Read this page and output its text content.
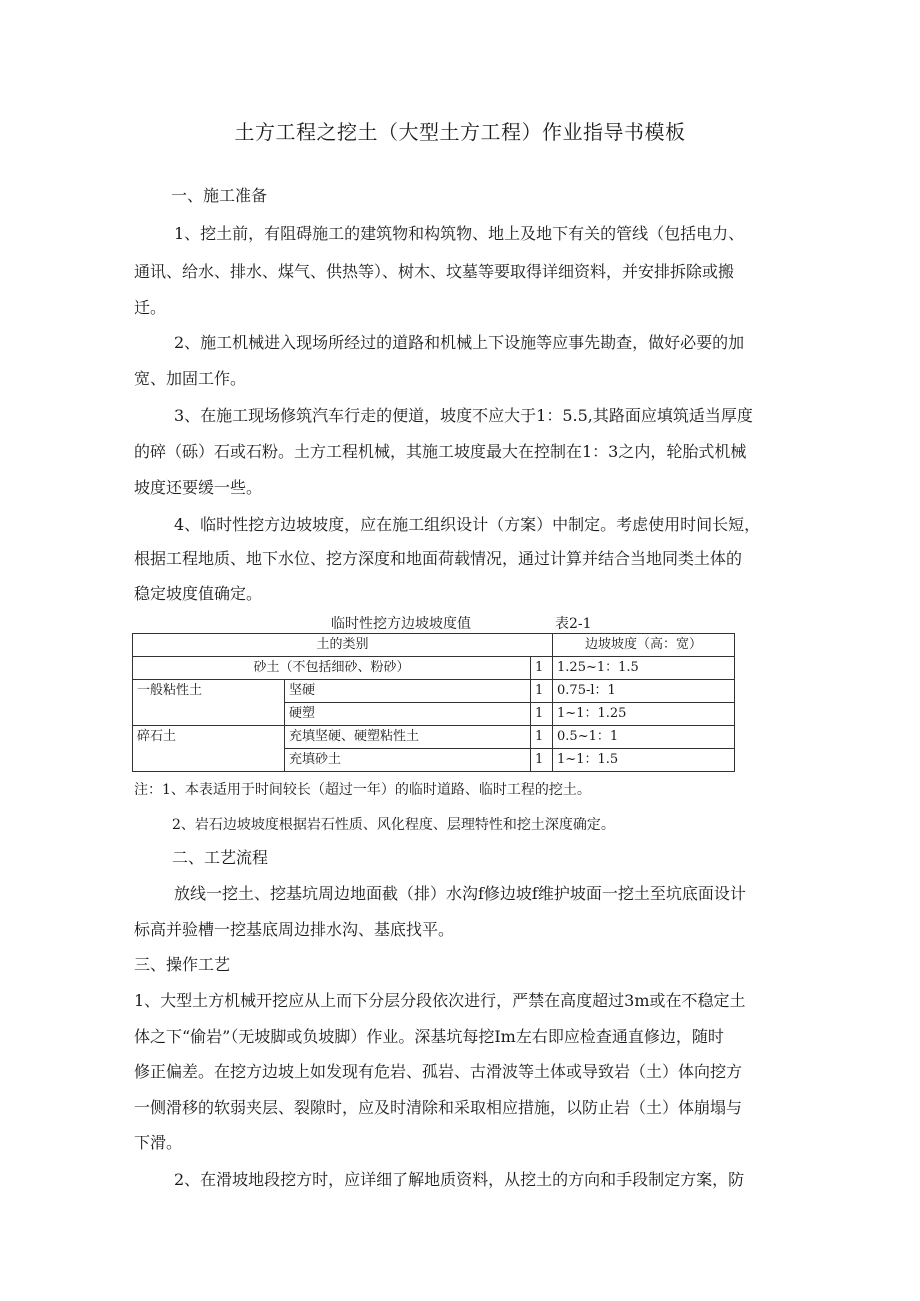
土方工程之挖土（大型土方工程）作业指导书模板
一、施工准备
1、挖土前，有阻碍施工的建筑物和构筑物、地上及地下有关的管线（包括电力、
通讯、给水、排水、煤气、供热等）、树木、坟墓等要取得详细资料，并安排拆除或搬
迁。
2、施工机械进入现场所经过的道路和机械上下设施等应事先勘查，做好必要的加
宽、加固工作。
3、在施工现场修筑汽车行走的便道，坡度不应大于1：5.5,其路面应填筑适当厚度
的碎（砾）石或石粉。土方工程机械，其施工坡度最大在控制在1：3之内，轮胎式机械
坡度还要缓一些。
4、临时性挖方边坡坡度，应在施工组织设计（方案）中制定。考虑使用时间长短，
根据工程地质、地下水位、挖方深度和地面荷载情况，通过计算并结合当地同类土体的
稳定坡度值确定。
临时性挖方边坡坡度值	表2-1
土的类别			边坡坡度（高：宽）
砂土（不包括细砂、粉砂）		1	1.25~1：1.5
一般粘性土	坚硬	1	0.75-l：1
	硬塑	1	1~1：1.25
碎石土	充填坚硬、硬塑粘性土	1	0.5~1：1
	充填砂土	1	1~1：1.5
注：1、本表适用于时间较长（超过一年）的临时道路、临时工程的挖土。
2、岩石边坡坡度根据岩石性质、风化程度、层理特性和挖土深度确定。
二、工艺流程
放线一挖土、挖基坑周边地面截（排）水沟f修边坡f维护坡面一挖土至坑底面设计
标高并验槽一挖基底周边排水沟、基底找平。
三、操作工艺
1、大型土方机械开挖应从上而下分层分段依次进行，严禁在高度超过3m或在不稳定土
体之下“偷岩”（无坡脚或负坡脚）作业。深基坑每挖Im左右即应检查通直修边，随时
修正偏差。在挖方边坡上如发现有危岩、孤岩、古滑波等土体或导致岩（土）体向挖方
一侧滑移的软弱夹层、裂隙时，应及时清除和采取相应措施，以防止岩（土）体崩塌与
下滑。
2、在滑坡地段挖方时，应详细了解地质资料，从挖土的方向和手段制定方案，防
